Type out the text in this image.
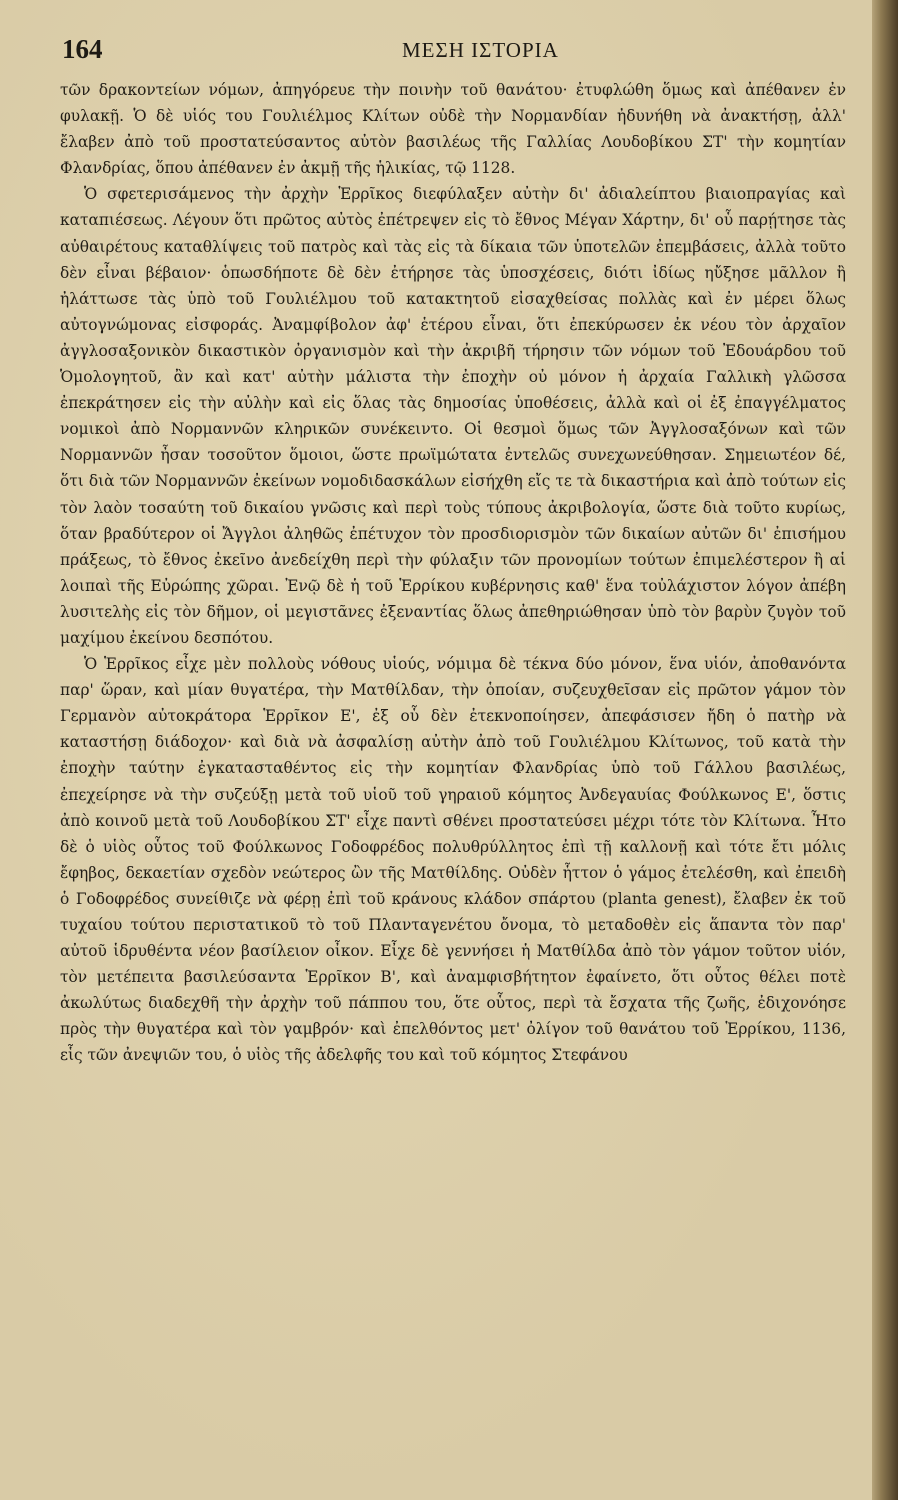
164	ΜΕΣΗ ΙΣΤΟΡΙΑ

τῶν δρακοντείων νόμων, ἀπηγόρευε τὴν ποινὴν τοῦ θανάτου· ἐτυφλώθη ὅμως καὶ ἀπέθανεν ἐν φυλακῇ. Ὁ δὲ υἱός του Γουλιέλμος Κλίτων οὐδὲ τὴν Νορμανδίαν ἠδυνήθη νὰ ἀνακτήσῃ, ἀλλ' ἔλαβεν ἀπὸ τοῦ προστατεύσαντος αὐτὸν βασιλέως τῆς Γαλλίας Λουδοβίκου ΣΤ' τὴν κομητίαν Φλανδρίας, ὅπου ἀπέθανεν ἐν ἀκμῇ τῆς ἡλικίας, τῷ 1128.

Ὁ σφετερισάμενος τὴν ἀρχὴν Ἑρρῖκος διεφύλαξεν αὐτὴν δι' ἀδιαλείπτου βιαιοπραγίας καὶ καταπιέσεως. Λέγουν ὅτι πρῶτος αὐτὸς ἐπέτρεψεν εἰς τὸ ἔθνος Μέγαν Χάρτην, δι' οὗ παρῄτησε τὰς αὐθαιρέτους καταθλίψεις τοῦ πατρὸς καὶ τὰς εἰς τὰ δίκαια τῶν ὑποτελῶν ἐπεμβάσεις, ἀλλὰ τοῦτο δὲν εἶναι βέβαιον· ὁπωσδήποτε δὲ δὲν ἐτήρησε τὰς ὑποσχέσεις, διότι ἰδίως ηὔξησε μᾶλλον ἢ ἠλάττωσε τὰς ὑπὸ τοῦ Γουλιέλμου τοῦ κατακτητοῦ εἰσαχθείσας πολλὰς καὶ ἐν μέρει ὅλως αὐτογνώμονας εἰσφοράς. Ἀναμφίβολον ἀφ' ἑτέρου εἶναι, ὅτι ἐπεκύρωσεν ἐκ νέου τὸν ἀρχαῖον ἀγγλοσαξονικὸν δικαστικὸν ὀργανισμὸν καὶ τὴν ἀκριβῆ τήρησιν τῶν νόμων τοῦ Ἐδουάρδου τοῦ Ὁμολογητοῦ, ἂν καὶ κατ' αὐτὴν μάλιστα τὴν ἐποχὴν οὐ μόνον ἡ ἀρχαία Γαλλικὴ γλῶσσα ἐπεκράτησεν εἰς τὴν αὐλὴν καὶ εἰς ὅλας τὰς δημοσίας ὑποθέσεις, ἀλλὰ καὶ οἱ ἐξ ἐπαγγέλματος νομικοὶ ἀπὸ Νορμαννῶν κληρικῶν συνέκειντο. Οἱ θεσμοὶ ὅμως τῶν Ἀγγλοσαξόνων καὶ τῶν Νορμαννῶν ἦσαν τοσοῦτον ὅμοιοι, ὥστε πρωϊμώτατα ἐντελῶς συνεχωνεύθησαν. Σημειωτέον δέ, ὅτι διὰ τῶν Νορμαννῶν ἐκείνων νομοδιδασκάλων εἰσήχθη εἴς τε τὰ δικαστήρια καὶ ἀπὸ τούτων εἰς τὸν λαὸν τοσαύτη τοῦ δικαίου γνῶσις καὶ περὶ τοὺς τύπους ἀκριβολογία, ὥστε διὰ τοῦτο κυρίως, ὅταν βραδύτερον οἱ Ἄγγλοι ἀληθῶς ἐπέτυχον τὸν προσδιορισμὸν τῶν δικαίων αὐτῶν δι' ἐπισήμου πράξεως, τὸ ἔθνος ἐκεῖνο ἀνεδείχθη περὶ τὴν φύλαξιν τῶν προνομίων τούτων ἐπιμελέστερον ἢ αἱ λοιπαὶ τῆς Εὐρώπης χῶραι. Ἐνῷ δὲ ἡ τοῦ Ἑρρίκου κυβέρνησις καθ' ἕνα τοὐλάχιστον λόγον ἀπέβη λυσιτελὴς εἰς τὸν δῆμον, οἱ μεγιστᾶνες ἐξεναντίας ὅλως ἀπεθηριώθησαν ὑπὸ τὸν βαρὺν ζυγὸν τοῦ μαχίμου ἐκείνου δεσπότου.

Ὁ Ἑρρῖκος εἶχε μὲν πολλοὺς νόθους υἱούς, νόμιμα δὲ τέκνα δύο μόνον, ἕνα υἱόν, ἀποθανόντα παρ' ὥραν, καὶ μίαν θυγατέρα, τὴν Ματθίλδαν, τὴν ὁποίαν, συζευχθεῖσαν εἰς πρῶτον γάμον τὸν Γερμανὸν αὐτοκράτορα Ἑρρῖκον Ε', ἐξ οὗ δὲν ἐτεκνοποίησεν, ἀπεφάσισεν ἤδη ὁ πατὴρ νὰ καταστήσῃ διάδοχον· καὶ διὰ νὰ ἀσφαλίσῃ αὐτὴν ἀπὸ τοῦ Γουλιέλμου Κλίτωνος, τοῦ κατὰ τὴν ἐποχὴν ταύτην ἐγκατασταθέντος εἰς τὴν κομητίαν Φλανδρίας ὑπὸ τοῦ Γάλλου βασιλέως, ἐπεχείρησε νὰ τὴν συζεύξῃ μετὰ τοῦ υἱοῦ τοῦ γηραιοῦ κόμητος Ἀνδεγαυίας Φούλκωνος Ε', ὅστις ἀπὸ κοινοῦ μετὰ τοῦ Λουδοβίκου ΣΤ' εἶχε παντὶ σθένει προστατεύσει μέχρι τότε τὸν Κλίτωνα. Ἦτο δὲ ὁ υἱὸς οὗτος τοῦ Φούλκωνος Γοδοφρέδος πολυθρύλλητος ἐπὶ τῇ καλλονῇ καὶ τότε ἔτι μόλις ἔφηβος, δεκαετίαν σχεδὸν νεώτερος ὢν τῆς Ματθίλδης. Οὐδὲν ἧττον ὁ γάμος ἐτελέσθη, καὶ ἐπειδὴ ὁ Γοδοφρέδος συνείθιζε νὰ φέρῃ ἐπὶ τοῦ κράνους κλάδον σπάρτου (planta genest), ἔλαβεν ἐκ τοῦ τυχαίου τούτου περιστατικοῦ τὸ τοῦ Πλανταγενέτου ὄνομα, τὸ μεταδοθὲν εἰς ἅπαντα τὸν παρ' αὐτοῦ ἱδρυθέντα νέον βασίλειον οἶκον. Εἶχε δὲ γεννήσει ἡ Ματθίλδα ἀπὸ τὸν γάμον τοῦτον υἱόν, τὸν μετέπειτα βασιλεύσαντα Ἑρρῖκον Β', καὶ ἀναμφισβήτητον ἐφαίνετο, ὅτι οὗτος θέλει ποτὲ ἀκωλύτως διαδεχθῆ τὴν ἀρχὴν τοῦ πάππου του, ὅτε οὗτος, περὶ τὰ ἔσχατα τῆς ζωῆς, ἐδιχονόησε πρὸς τὴν θυγατέρα καὶ τὸν γαμβρόν· καὶ ἐπελθόντος μετ' ὀλίγον τοῦ θανάτου τοῦ Ἑρρίκου, 1136, εἷς τῶν ἀνεψιῶν του, ὁ υἱὸς τῆς ἀδελφῆς του καὶ τοῦ κόμητος Στεφάνου
